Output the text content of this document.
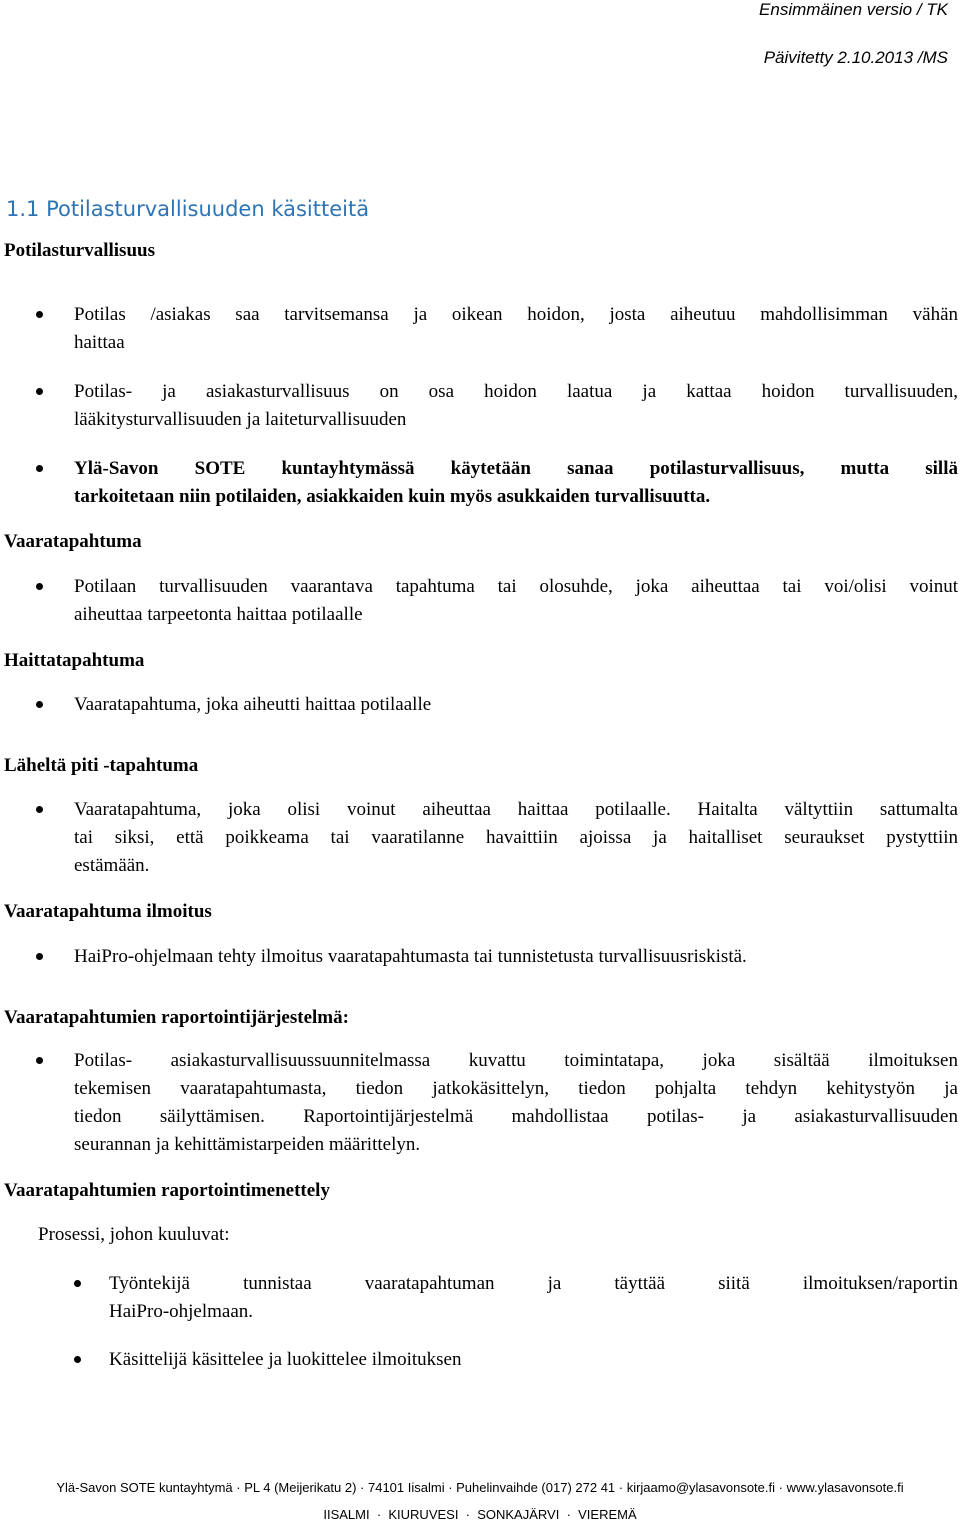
Ensimmäinen versio / TK
Päivitetty 2.10.2013 /MS
1.1 Potilasturvallisuuden käsitteitä
Potilasturvallisuus
Potilas /asiakas saa tarvitsemansa ja oikean hoidon, josta aiheutuu mahdollisimman vähän
haittaa
Potilas- ja asiakasturvallisuus on osa hoidon laatua ja kattaa hoidon turvallisuuden,
lääkitysturvallisuuden ja laiteturvallisuuden
Ylä-Savon SOTE kuntayhtymässä käytetään sanaa potilasturvallisuus, mutta sillä
tarkoitetaan niin potilaiden, asiakkaiden kuin myös asukkaiden turvallisuutta.
Vaaratapahtuma
Potilaan turvallisuuden vaarantava tapahtuma tai olosuhde, joka aiheuttaa tai voi/olisi voinut
aiheuttaa tarpeetonta haittaa potilaalle
Haittatapahtuma
Vaaratapahtuma, joka aiheutti haittaa potilaalle
Läheltä piti -tapahtuma
Vaaratapahtuma, joka olisi voinut aiheuttaa haittaa potilaalle. Haitalta vältyttiin sattumalta
tai siksi, että poikkeama tai vaaratilanne havaittiin ajoissa ja haitalliset seuraukset pystyttiin
estämään.
Vaaratapahtuma ilmoitus
HaiPro-ohjelmaan tehty ilmoitus vaaratapahtumasta tai tunnistetusta turvallisuusriskistä.
Vaaratapahtumien raportointijärjestelmä:
Potilas- asiakasturvallisuussuunnitelmassa kuvattu toimintatapa, joka sisältää ilmoituksen
tekemisen vaaratapahtumasta, tiedon jatkokäsittelyn, tiedon pohjalta tehdyn kehitystyön ja
tiedon säilyttämisen. Raportointijärjestelmä mahdollistaa potilas- ja asiakasturvallisuuden
seurannan ja kehittämistarpeiden määrittelyn.
Vaaratapahtumien raportointimenettely
Prosessi, johon kuuluvat:
Työntekijä tunnistaa vaaratapahtuman ja täyttää siitä ilmoituksen/raportin
HaiPro-ohjelmaan.
Käsittelijä käsittelee ja luokittelee ilmoituksen
Ylä-Savon SOTE kuntayhtymä · PL 4 (Meijerikatu 2) · 74101 Iisalmi · Puhelinvaihde (017) 272 41 · kirjaamo@ylasavonsote.fi · www.ylasavonsote.fi
IISALMI  ·  KIURUVESI  ·  SONKAJÄRVI  ·  VIEREMÄ
